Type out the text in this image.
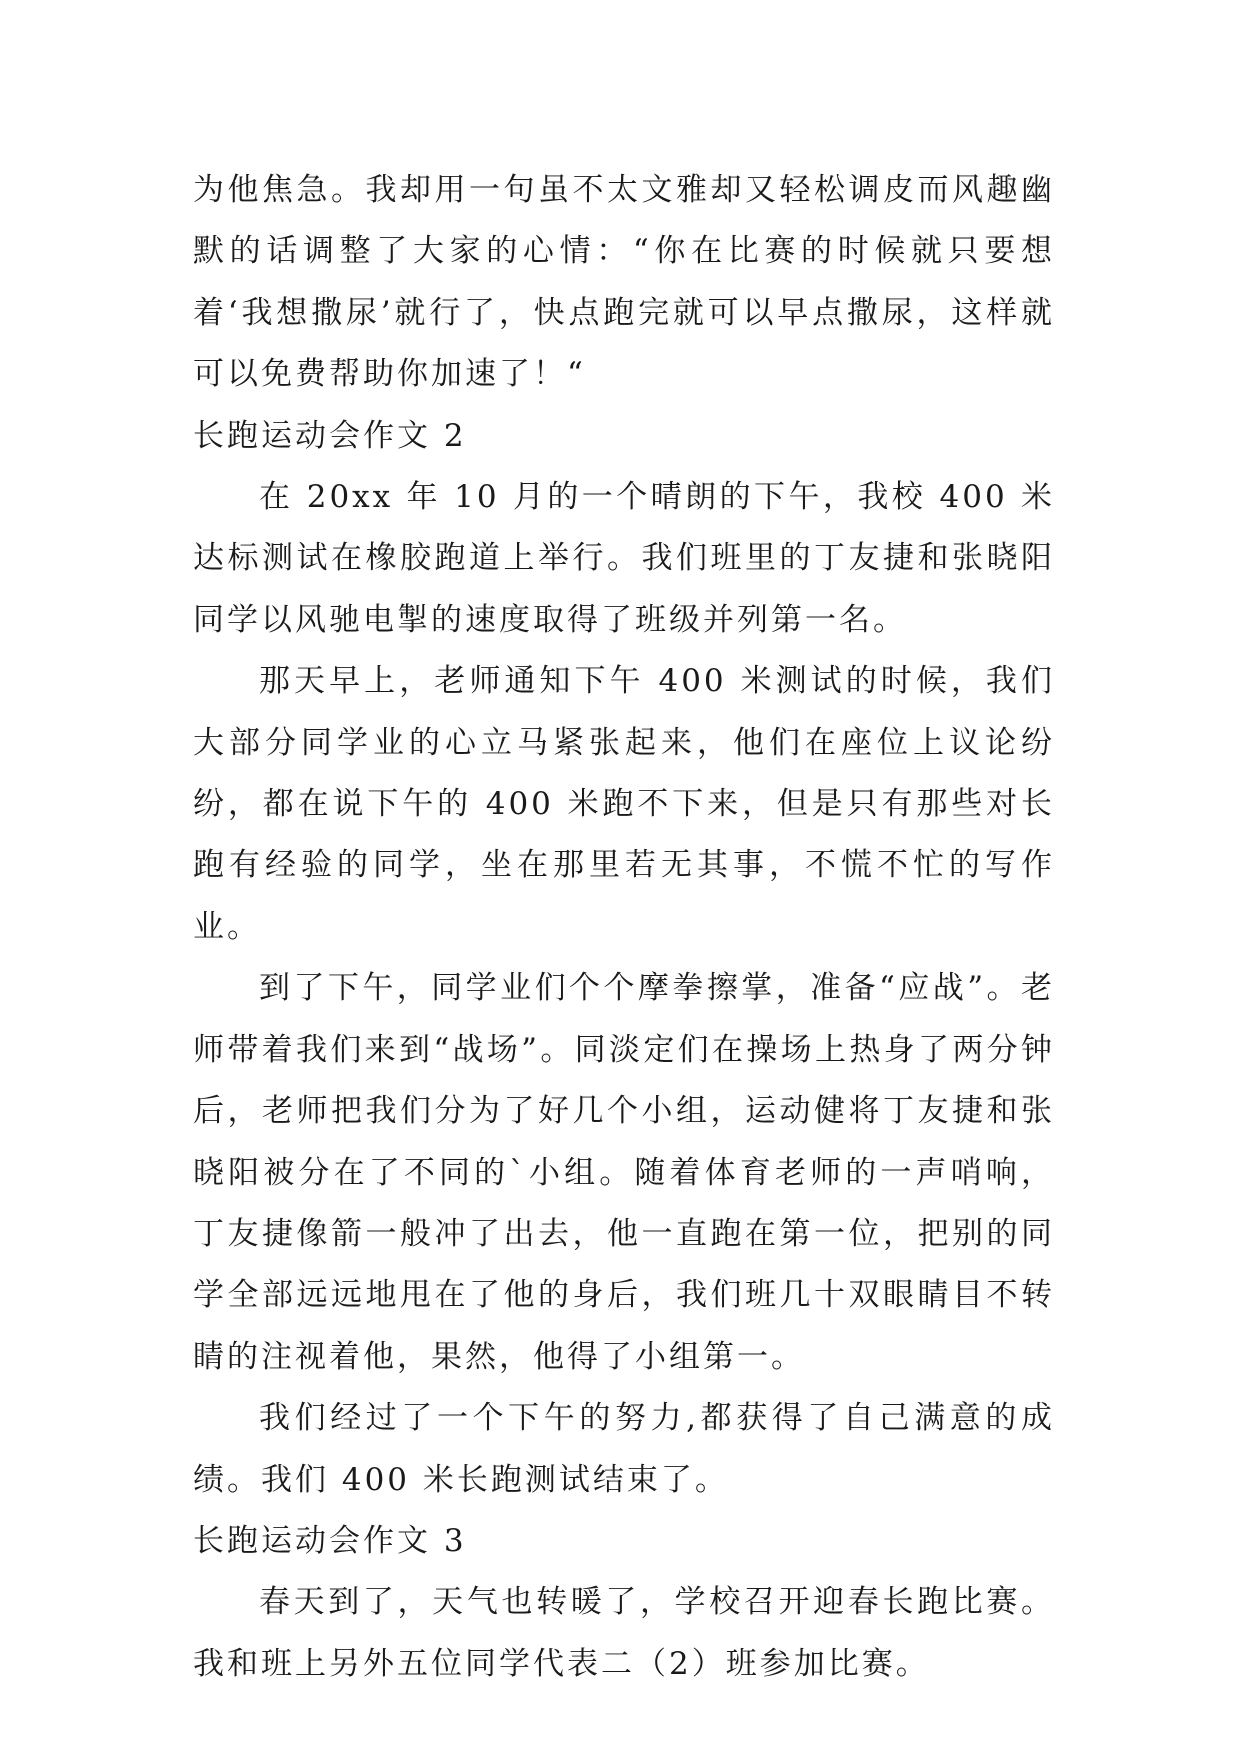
为他焦急。我却用一句虽不太文雅却又轻松调皮而风趣幽默的话调整了大家的心情：“你在比赛的时候就只要想着‘我想撒尿’就行了，快点跑完就可以早点撒尿，这样就可以免费帮助你加速了！“

长跑运动会作文 2

在 20xx 年 10 月的一个晴朗的下午，我校 400 米达标测试在橡胶跑道上举行。我们班里的丁友捷和张晓阳同学以风驰电掣的速度取得了班级并列第一名。

那天早上，老师通知下午 400 米测试的时候，我们大部分同学业的心立马紧张起来，他们在座位上议论纷纷，都在说下午的 400 米跑不下来，但是只有那些对长跑有经验的同学，坐在那里若无其事，不慌不忙的写作业。

到了下午，同学业们个个摩拳擦掌，准备“应战”。老师带着我们来到“战场”。同淡定们在操场上热身了两分钟后，老师把我们分为了好几个小组，运动健将丁友捷和张晓阳被分在了不同的`小组。随着体育老师的一声哨响，丁友捷像箭一般冲了出去，他一直跑在第一位，把别的同学全部远远地甩在了他的身后，我们班几十双眼睛目不转睛的注视着他，果然，他得了小组第一。

我们经过了一个下午的努力,都获得了自己满意的成绩。我们 400 米长跑测试结束了。

长跑运动会作文 3

春天到了，天气也转暖了，学校召开迎春长跑比赛。我和班上另外五位同学代表二（2）班参加比赛。
